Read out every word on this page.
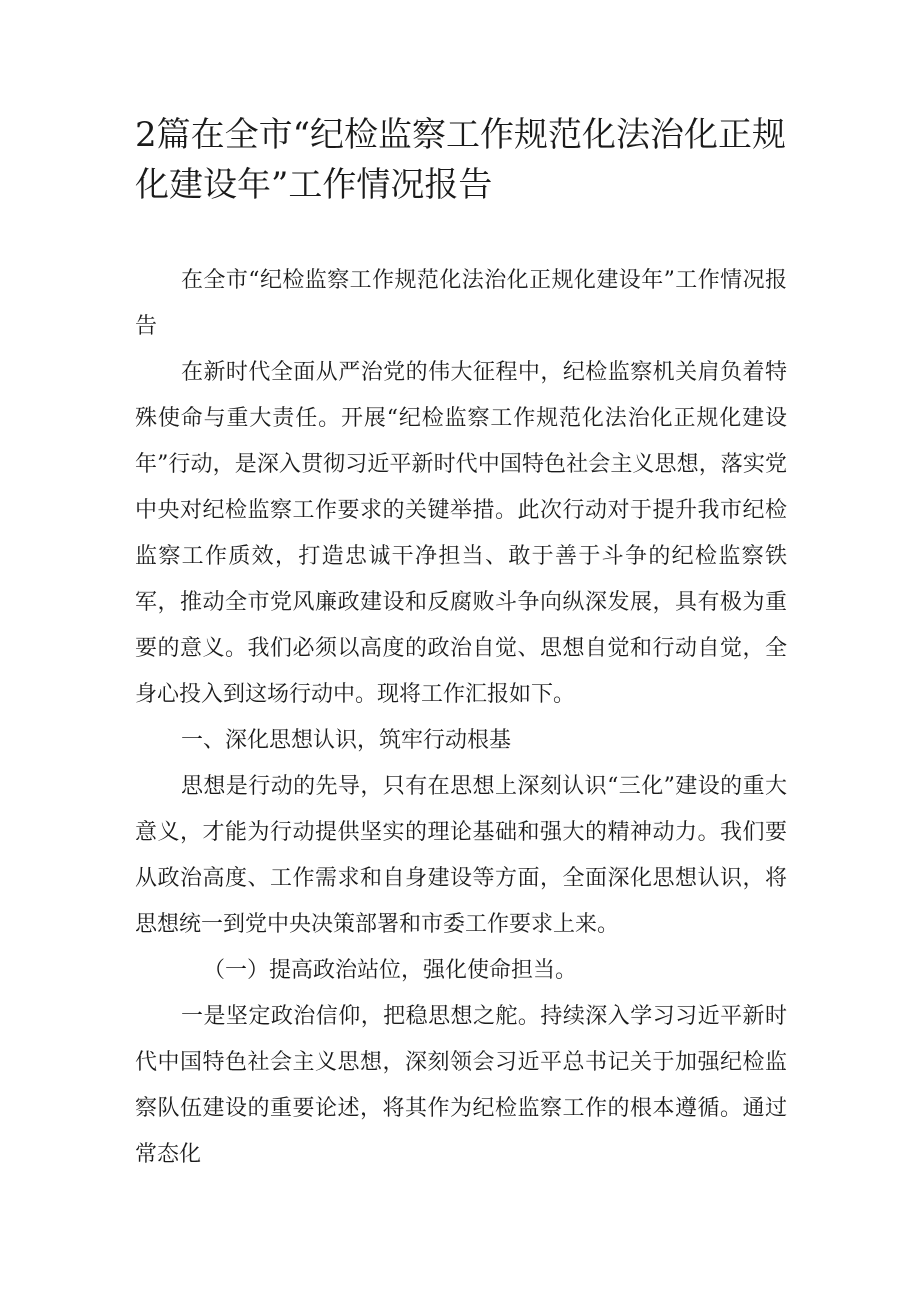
2篇在全市“纪检监察工作规范化法治化正规化建设年”工作情况报告

在全市“纪检监察工作规范化法治化正规化建设年”工作情况报告

在新时代全面从严治党的伟大征程中，纪检监察机关肩负着特殊使命与重大责任。开展“纪检监察工作规范化法治化正规化建设年”行动，是深入贯彻习近平新时代中国特色社会主义思想，落实党中央对纪检监察工作要求的关键举措。此次行动对于提升我市纪检监察工作质效，打造忠诚干净担当、敢于善于斗争的纪检监察铁军，推动全市党风廉政建设和反腐败斗争向纵深发展，具有极为重要的意义。我们必须以高度的政治自觉、思想自觉和行动自觉，全身心投入到这场行动中。现将工作汇报如下。

一、深化思想认识，筑牢行动根基

思想是行动的先导，只有在思想上深刻认识“三化”建设的重大意义，才能为行动提供坚实的理论基础和强大的精神动力。我们要从政治高度、工作需求和自身建设等方面，全面深化思想认识，将思想统一到党中央决策部署和市委工作要求上来。

（一）提高政治站位，强化使命担当。

一是坚定政治信仰，把稳思想之舵。持续深入学习习近平新时代中国特色社会主义思想，深刻领会习近平总书记关于加强纪检监察队伍建设的重要论述，将其作为纪检监察工作的根本遵循。通过常态化
